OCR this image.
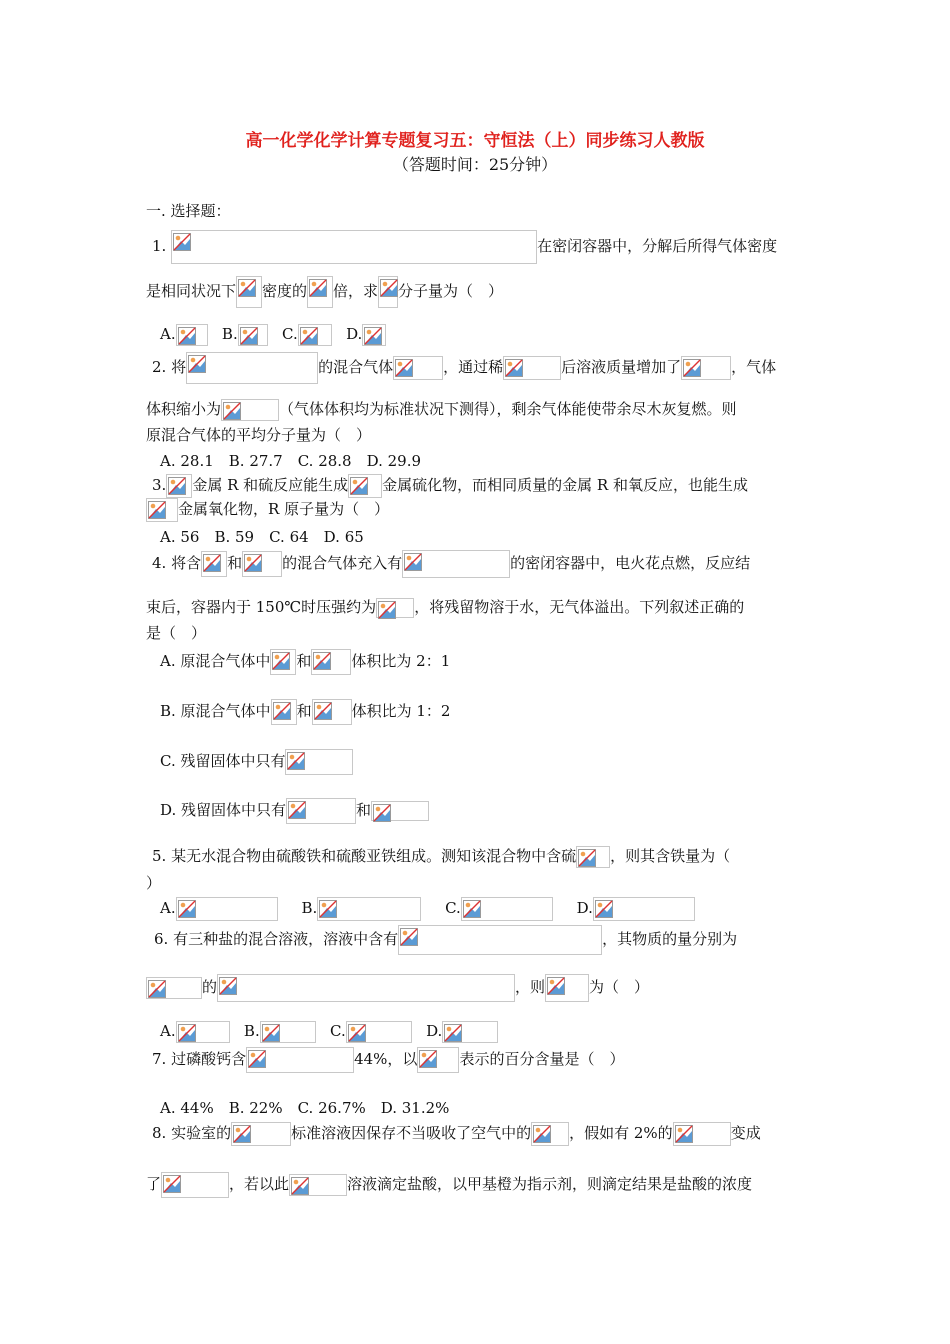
高一化学化学计算专题复习五：守恒法（上）同步练习人教版
（答题时间：25分钟）
一. 选择题：
1.	在密闭容器中，分解后所得气体密度
是相同状况下 密度的 倍，求 分子量为（　）
A.	B.	C.	D.
2. 将	的混合气体	，通过稀	后溶液质量增加了	，气体
体积缩小为	（气体体积均为标准状况下测得），剩余气体能使带余尽木灰复燃。则
原混合气体的平均分子量为（　）
A. 28.1　B. 27.7　C. 28.8　D. 29.9
3. 金属 R 和硫反应能生成 金属硫化物，而相同质量的金属 R 和氧反应，也能生成
金属氧化物，R 原子量为（　）
A. 56　B. 59　C. 64　D. 65
4. 将含 和	的混合气体充入有	的密闭容器中，电火花点燃，反应结
束后，容器内于 150℃时压强约为	，将残留物溶于水，无气体溢出。下列叙述正确的
是（　）
A. 原混合气体中 和	体积比为 2：1
B. 原混合气体中 和	体积比为 1：2
C. 残留固体中只有
D. 残留固体中只有	和
5. 某无水混合物由硫酸铁和硫酸亚铁组成。测知该混合物中含硫 ，则其含铁量为（
）
A.	B.	C.	D.
6. 有三种盐的混合溶液，溶液中含有	，其物质的量分别为
的	，则	为（　）
A.	B.	C.	D.
7. 过磷酸钙含	44%，以	表示的百分含量是（　）
A. 44%　B. 22%　C. 26.7%　D. 31.2%
8. 实验室的	标准溶液因保存不当吸收了空气中的	，假如有 2%的	变成
了	，若以此	溶液滴定盐酸，以甲基橙为指示剂，则滴定结果是盐酸的浓度
